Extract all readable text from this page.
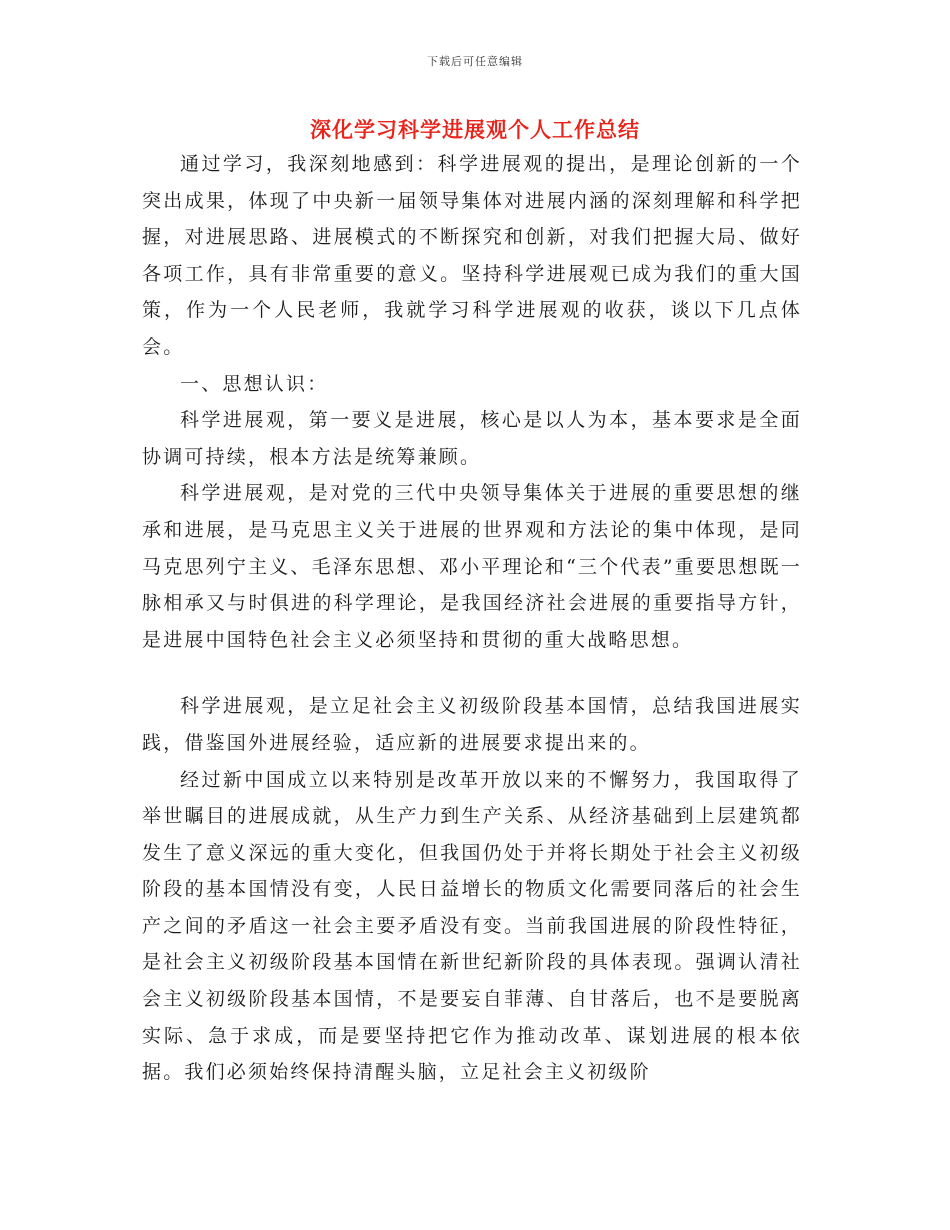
下载后可任意编辑
深化学习科学进展观个人工作总结

通过学习，我深刻地感到：科学进展观的提出，是理论创新的一个突出成果，体现了中央新一届领导集体对进展内涵的深刻理解和科学把握，对进展思路、进展模式的不断探究和创新，对我们把握大局、做好各项工作，具有非常重要的意义。坚持科学进展观已成为我们的重大国策，作为一个人民老师，我就学习科学进展观的收获，谈以下几点体会。

一、思想认识：

科学进展观，第一要义是进展，核心是以人为本，基本要求是全面协调可持续，根本方法是统筹兼顾。

科学进展观，是对党的三代中央领导集体关于进展的重要思想的继承和进展，是马克思主义关于进展的世界观和方法论的集中体现，是同马克思列宁主义、毛泽东思想、邓小平理论和“三个代表”重要思想既一脉相承又与时俱进的科学理论，是我国经济社会进展的重要指导方针，是进展中国特色社会主义必须坚持和贯彻的重大战略思想。

科学进展观，是立足社会主义初级阶段基本国情，总结我国进展实践，借鉴国外进展经验，适应新的进展要求提出来的。

经过新中国成立以来特别是改革开放以来的不懈努力，我国取得了举世瞩目的进展成就，从生产力到生产关系、从经济基础到上层建筑都发生了意义深远的重大变化，但我国仍处于并将长期处于社会主义初级阶段的基本国情没有变，人民日益增长的物质文化需要同落后的社会生产之间的矛盾这一社会主要矛盾没有变。当前我国进展的阶段性特征，是社会主义初级阶段基本国情在新世纪新阶段的具体表现。强调认清社会主义初级阶段基本国情，不是要妄自菲薄、自甘落后，也不是要脱离实际、急于求成，而是要坚持把它作为推动改革、谋划进展的根本依据。我们必须始终保持清醒头脑，立足社会主义初级阶
